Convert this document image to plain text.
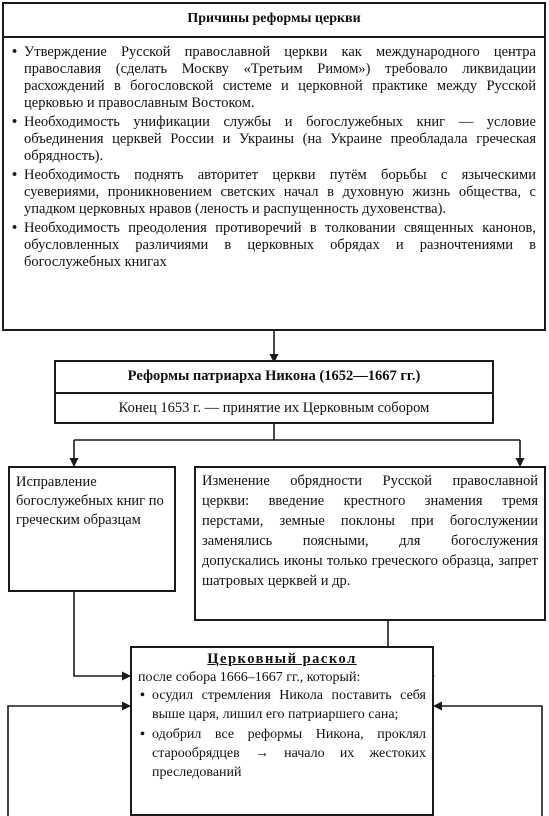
Причины реформы церкви
• Утверждение Русской православной церкви как международного центра православия (сделать Москву «Третьим Римом») требовало ликвидации расхождений в богословской системе и церковной практике между Русской церковью и православным Востоком.
• Необходимость унификации службы и богослужебных книг — условие объединения церквей России и Украины (на Украине преобладала греческая обрядность).
• Необходимость поднять авторитет церкви путём борьбы с языческими суевериями, проникновением светских начал в духовную жизнь общества, с упадком церковных нравов (леность и распущенность духовенства).
• Необходимость преодоления противоречий в толковании священных канонов, обусловленных различиями в церковных обрядах и разночтениями в богослужебных книгах
Реформы патриарха Никона (1652—1667 гг.)
Конец 1653 г. — принятие их Церковным собором
Исправление богослужебных книг по греческим образцам
Изменение обрядности Русской православной церкви: введение крестного знамения тремя перстами, земные поклоны при богослужении заменялись поясными, для богослужения допускались иконы только греческого образца, запрет шатровых церквей и др.
Церковный раскол
после собора 1666–1667 гг., который:
• осудил стремления Никола поставить себя выше царя, лишил его патриаршего сана;
• одобрил все реформы Никона, проклял старообрядцев → начало их жестоких преследований
